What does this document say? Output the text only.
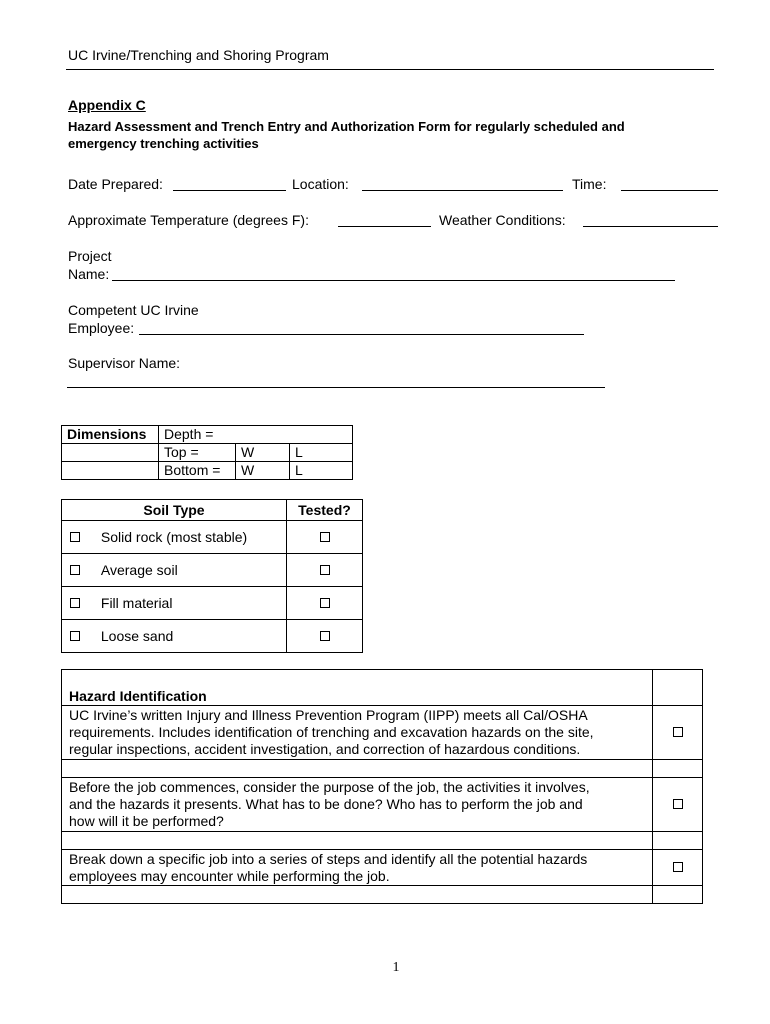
UC Irvine/Trenching and Shoring Program
Appendix C
Hazard Assessment and Trench Entry and Authorization Form for regularly scheduled and
emergency trenching activities
Date Prepared:	Location:	Time:
Approximate Temperature (degrees F):	Weather Conditions:
Project
Name:
Competent UC Irvine
Employee:
Supervisor Name:
Dimensions	Depth =		
	Top =	W	L
	Bottom =	W	L
Soil Type	Tested?
Solid rock (most stable)	
Average soil	
Fill material	
Loose sand	
Hazard Identification	

UC Irvine’s written Injury and Illness Prevention Program (IIPP) meets all Cal/OSHA
requirements. Includes identification of trenching and excavation hazards on the site,
regular inspections, accident investigation, and correction of hazardous conditions.	

Before the job commences, consider the purpose of the job, the activities it involves,
and the hazards it presents. What has to be done? Who has to perform the job and
how will it be performed?	

Break down a specific job into a series of steps and identify all the potential hazards
employees may encounter while performing the job.	

1
